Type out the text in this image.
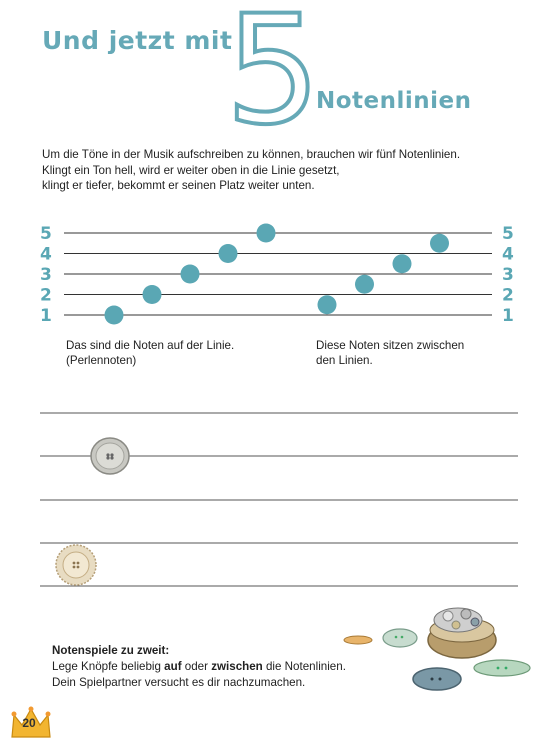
Und jetzt mit
5
Notenlinien
Um die Töne in der Musik aufschreiben zu können, brauchen wir fünf Notenlinien.
Klingt ein Ton hell, wird er weiter oben in die Linie gesetzt,
klingt er tiefer, bekommt er seinen Platz weiter unten.
5	5
4	4
3	3
2	2
1	1
Das sind die Noten auf der Linie.
(Perlennoten)
Diese Noten sitzen zwischen
den Linien.
Notenspiele zu zweit:
Lege Knöpfe beliebig auf oder zwischen die Notenlinien.
Dein Spielpartner versucht es dir nachzumachen.
20
